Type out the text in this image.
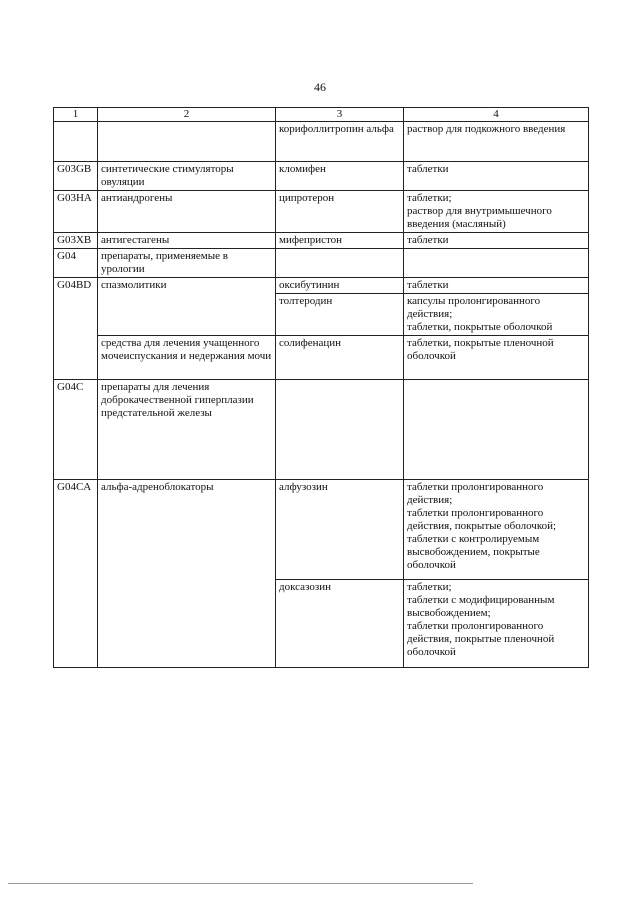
46
1	2	3	4
		корифоллитропин альфа	раствор для подкожного введения
G03GB	синтетические стимуляторы овуляции	кломифен	таблетки
G03HA	антиандрогены	ципротерон	таблетки;
раствор для внутримышечного введения (масляный)

G03XB	антигестагены	мифепристон	таблетки
G04	препараты, применяемые в урологии		
G04BD	спазмолитики	оксибутинин	таблетки
		толтеродин	капсулы пролонгированного действия;
таблетки, покрытые оболочкой

	средства для лечения учащенного мочеиспускания и недержания мочи	солифенацин	таблетки, покрытые пленочной оболочкой
G04C	препараты для лечения доброкачественной гиперплазии предстательной железы		
G04CA	альфа-адреноблокаторы	алфузозин	таблетки пролонгированного действия;
таблетки пролонгированного действия, покрытые оболочкой;
таблетки с контролируемым высвобождением, покрытые оболочкой

		доксазозин	таблетки;
таблетки с модифицированным высвобождением;
таблетки пролонгированного действия, покрытые пленочной оболочкой
